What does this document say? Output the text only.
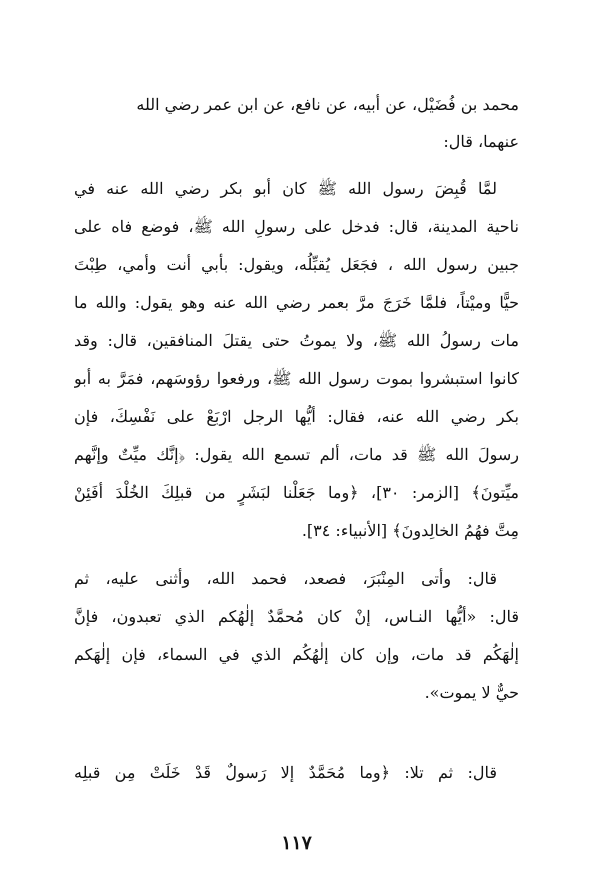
محمد بن فُضَيْل، عن أبيه، عن نافع، عن ابن عمر رضي الله
عنهما، قال:
لمَّا قُبِضَ رسول الله ﷺ كان أبو بكر رضي الله عنه في
ناحية المدينة، قال: فدخل على رسولِ الله ﷺ، فوضع فاه على
جبين رسول الله ، فجَعَل يُقبِّلُه، ويقول: بأبي أنت وأمي، طِبْتَ
حيًّا وميْتاً، فلمَّا خَرَجَ مرَّ بعمر رضي الله عنه وهو يقول: والله ما
مات رسولُ الله ﷺ، ولا يموتُ حتى يقتلَ المنافقين، قال: وقد
كانوا استبشروا بموت رسول الله ﷺ، ورفعوا رؤوسَهم، فمَرَّ به أبو
بكر رضي الله عنه، فقال: أيُّها الرجل ارْبَعْ على نَفْسِكَ، فإن
رسولَ الله ﷺ قد مات، ألم تسمع الله يقول: ﴿إنَّك ميِّتٌ وإنَّهم
ميِّتونَ﴾ [الزمر: ٣٠]، ﴿وما جَعَلْنا لبَشَرٍ من قبلِكَ الخُلْدَ أفَئِنْ
مِتَّ فهُمُ الخالِدونَ﴾ [الأنبياء: ٣٤].
قال: وأتى المِنْبَرَ، فصعد، فحمد الله، وأثنى عليه، ثم
قال: «أيُّها النـاس، إنْ كان مُحمَّدٌ إلٰهُكم الذي تعبدون، فإنَّ
إلٰهَكُم قد مات، وإن كان إلٰهُكُم الذي في السماء، فإن إلٰهَكم
حيٌّ لا يموت».
قال: ثم تلا: ﴿وما مُحَمَّدٌ إلا رَسولٌ قَدْ خَلَتْ مِن قبلِه
١١٧
